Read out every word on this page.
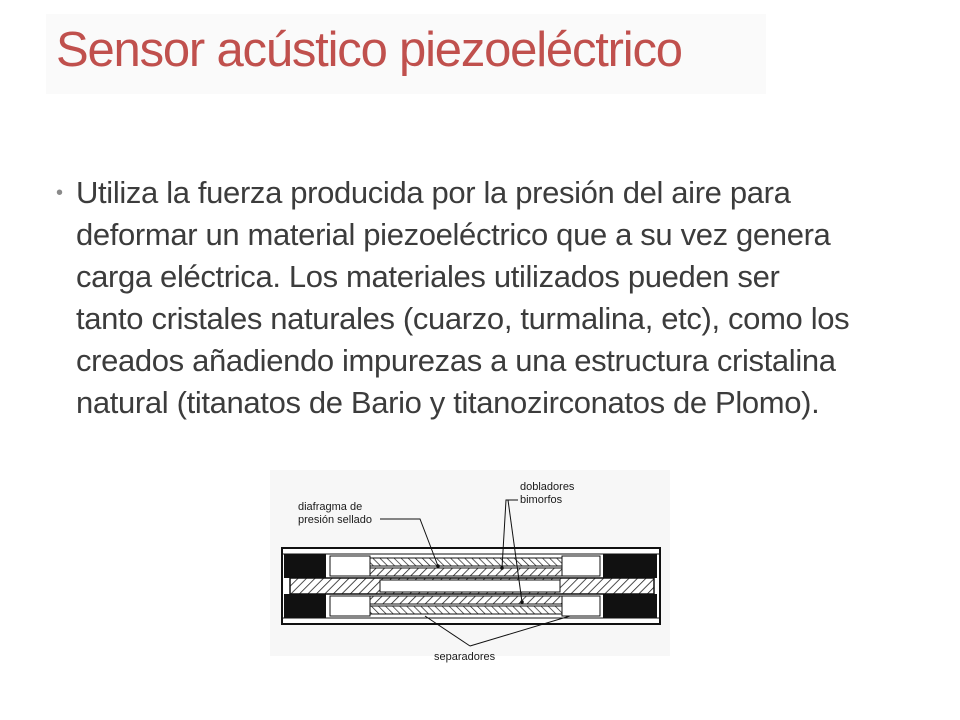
Sensor acústico piezoeléctrico
• Utiliza la fuerza producida por la presión del aire para
deformar un material piezoeléctrico que a su vez genera
carga eléctrica. Los materiales utilizados pueden ser
tanto cristales naturales (cuarzo, turmalina, etc), como los
creados añadiendo impurezas a una estructura cristalina
natural (titanatos de Bario y titanozirconatos de Plomo).
diafragma de
presión sellado
dobladores
bimorfos
separadores
